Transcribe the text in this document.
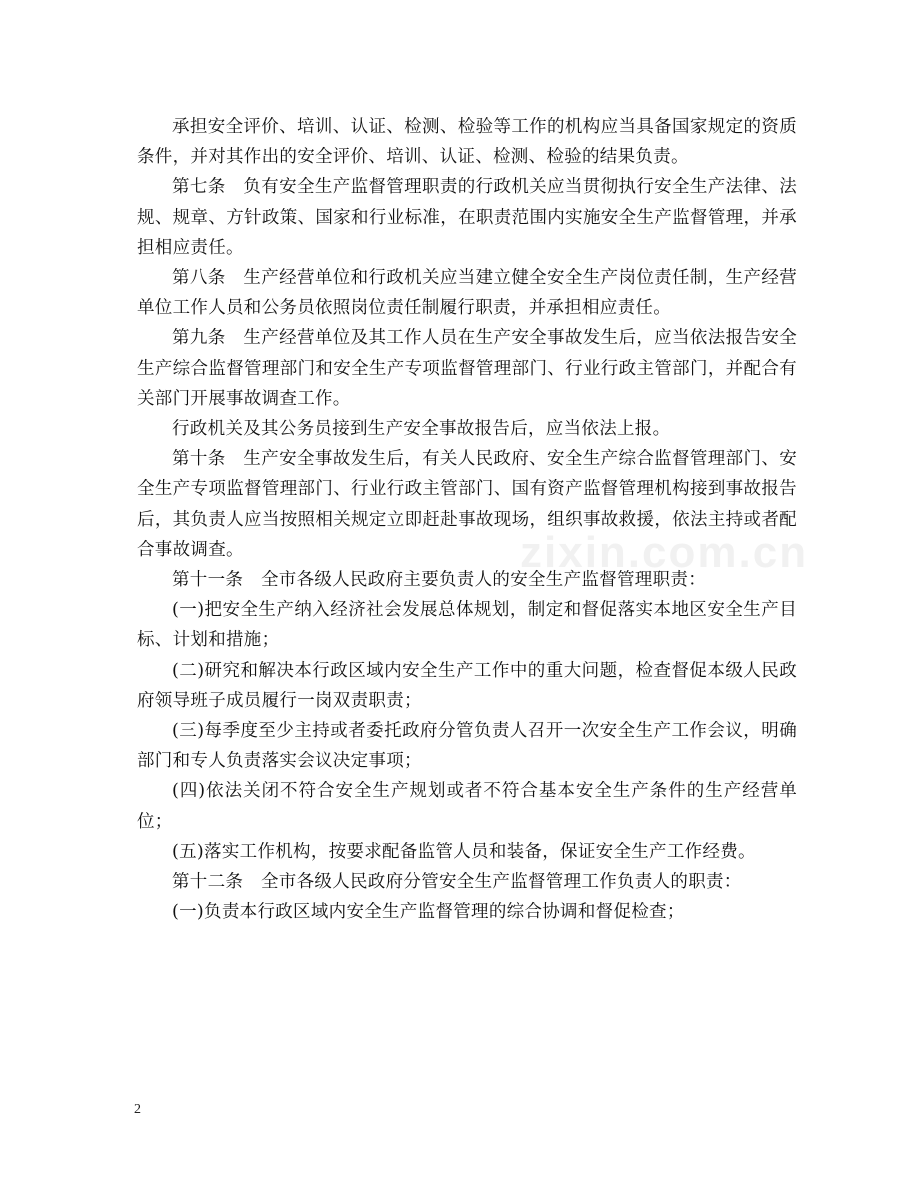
承担安全评价、培训、认证、检测、检验等工作的机构应当具备国家规定的资质条件，并对其作出的安全评价、培训、认证、检测、检验的结果负责。

第七条　负有安全生产监督管理职责的行政机关应当贯彻执行安全生产法律、法规、规章、方针政策、国家和行业标准，在职责范围内实施安全生产监督管理，并承担相应责任。

第八条　生产经营单位和行政机关应当建立健全安全生产岗位责任制，生产经营单位工作人员和公务员依照岗位责任制履行职责，并承担相应责任。

第九条　生产经营单位及其工作人员在生产安全事故发生后，应当依法报告安全生产综合监督管理部门和安全生产专项监督管理部门、行业行政主管部门，并配合有关部门开展事故调查工作。

行政机关及其公务员接到生产安全事故报告后，应当依法上报。

第十条　生产安全事故发生后，有关人民政府、安全生产综合监督管理部门、安全生产专项监督管理部门、行业行政主管部门、国有资产监督管理机构接到事故报告后，其负责人应当按照相关规定立即赶赴事故现场，组织事故救援，依法主持或者配合事故调查。

第十一条　全市各级人民政府主要负责人的安全生产监督管理职责：

(一)把安全生产纳入经济社会发展总体规划，制定和督促落实本地区安全生产目标、计划和措施；

(二)研究和解决本行政区域内安全生产工作中的重大问题，检查督促本级人民政府领导班子成员履行一岗双责职责；

(三)每季度至少主持或者委托政府分管负责人召开一次安全生产工作会议，明确部门和专人负责落实会议决定事项；

(四)依法关闭不符合安全生产规划或者不符合基本安全生产条件的生产经营单位；

(五)落实工作机构，按要求配备监管人员和装备，保证安全生产工作经费。

第十二条　全市各级人民政府分管安全生产监督管理工作负责人的职责：

(一)负责本行政区域内安全生产监督管理的综合协调和督促检查；

zixin.com.cn
2
